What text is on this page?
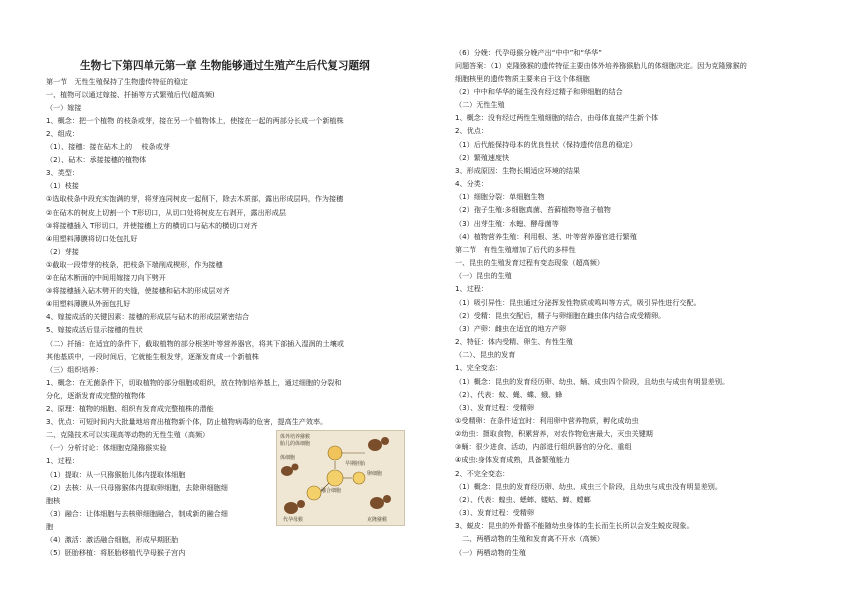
生物七下第四单元第一章 生物能够通过生殖产生后代复习题纲
第一节　无性生殖保持了生物遗传特征的稳定
一、植物可以通过嫁接、扦插等方式繁殖后代(超高频)
（一）嫁接
1、概念：把一个植物 的枝条或芽，接在另一个植物体上，使接在一起的两部分长成一个新植株
2、组成：
（1）、接穗：接在砧木上的　 枝条或芽
（2）、砧木：承接接穗的植物体
3、类型：
（1）枝接
①选取枝条中段充实饱满的芽，将芽连同树皮一起削下，除去木质部，露出形成层吗，作为接穗
②在砧木的树皮上切割一个 T形切口，从切口处将树皮左右剥开，露出形成层
③将接穗插入 T形切口，并使接穗上方的横切口与砧木的横切口对齐
④用塑料薄膜将切口处包扎好
（2）芽接
①截取一段带芽的枝条，把枝条下端削成楔形，作为接穗
②在砧木断面的中间用嫁接刀向下劈开
③将接穗插入砧木劈开的夹缝，使接穗和砧木的形成层对齐
④用塑料薄膜从外面包扎好
4、嫁接成活的关键因素：接穗的形成层与砧木的形成层紧密结合
5、嫁接成活后显示接穗的性状
（二）扦插：在适宜的条件下，截取植物的部分根茎叶等营养器官，将其下部插入湿润的土壤或
其他基质中，一段时间后，它就能生根发芽，逐渐发育成一个新植株
（三）组织培养：
1、概念：在无菌条件下，切取植物的部分细胞或组织，放在特制培养基上，通过细胞的分裂和
分化，逐渐发育成完整的植物体
2、原理：植物的细胞、组织有发育成完整植株的潜能
3、优点：可短时间内大批量地培育出植物新个体，防止植物病毒的危害，提高生产效率。
二、克隆技术可以实现高等动物的无性生殖（高频）
（一）分析讨论：体细胞克隆猕猴实验
1、过程：
（1）提取：从一只猕猴胎儿体内提取体细胞
（2）去核：从一只母猕猴体内提取卵细胞，去除卵细胞细
胞核
（3）融合：让体细胞与去核卵细胞融合，制成新的融合细
胞
（4）激活：激活融合细胞，形成早期胚胎
（5）胚胎移植：将胚胎移植代孕母猴子宫内
（6）分娩：代孕母猴分娩产出“中中”和“华华”
问题答案：（1）克隆猕猴的遗传特征主要由体外培养猕猴胎儿的体细胞决定。因为克隆猕猴的
细胞核里的遗传物质主要来自于这个体细胞
（2）中中和华华的诞生没有经过精子和卵细胞的结合
（二）无性生殖
1、概念：没有经过两性生殖细胞的结合，由母体直接产生新个体
2、优点：
（1）后代能保持母本的优良性状（保持遗传信息的稳定）
（2）繁殖速度快
3、形成原因：生物长期适应环境的结果
4、分类：
（1）细胞分裂：单细胞生物
（2）孢子生殖:多细胞真菌、苔藓植物等孢子植物
（3）出芽生殖：水螅、酵母菌等
（4）植物营养生殖：利用根、茎、叶等营养器官进行繁殖
第二节　有性生殖增加了后代的多样性
一、昆虫的生殖发育过程有变态现象（超高频）
（一）昆虫的生殖
1、过程：
（1）吸引异性：昆虫通过分泌挥发性物质或鸣叫等方式，吸引异性进行交配。
（2）受精：昆虫交配后，精子与卵细胞在雌虫体内结合成受精卵。
（3）产卵：雌虫在适宜的地方产卵
2、特征：体内受精、卵生、有性生殖
（二）、昆虫的发育
1、完全变态：
（1）概念：昆虫的发育经历卵、幼虫、蛹、成虫四个阶段，且幼虫与成虫有明显差别。
（2）、代表：蚊、蝇、蝶、蛾、蜂
（3）、发育过程：受精卵
①受精卵：在条件适宜时：利用卵中营养物质，孵化成幼虫
②幼虫：摄取食物，积累营养，对农作物危害最大，灭虫关键期
③蛹：很少进食、活动，内部进行组织器官的分化、重组
④成虫:身体发育成熟，具备繁殖能力
2、不完全变态：
（1）概念：昆虫的发育经历卵、幼虫、成虫三个阶段，且幼虫与成虫没有明显差别。
（2）、代表：蝗虫、蟋蟀、蝼蛄、蝉、螳螂
（3）、发育过程：受精卵
3、蜕皮：昆虫的外骨骼不能随幼虫身体的生长而生长所以会发生蜕皮现象。
　二、两栖动物的生殖和发育离不开水（高频）
（一）两栖动物的生殖
体外培养猕猴
胎儿的体细胞
体细胞
融合细胞
早期胚胎
卵细胞
代孕母猴	克隆猕猴
